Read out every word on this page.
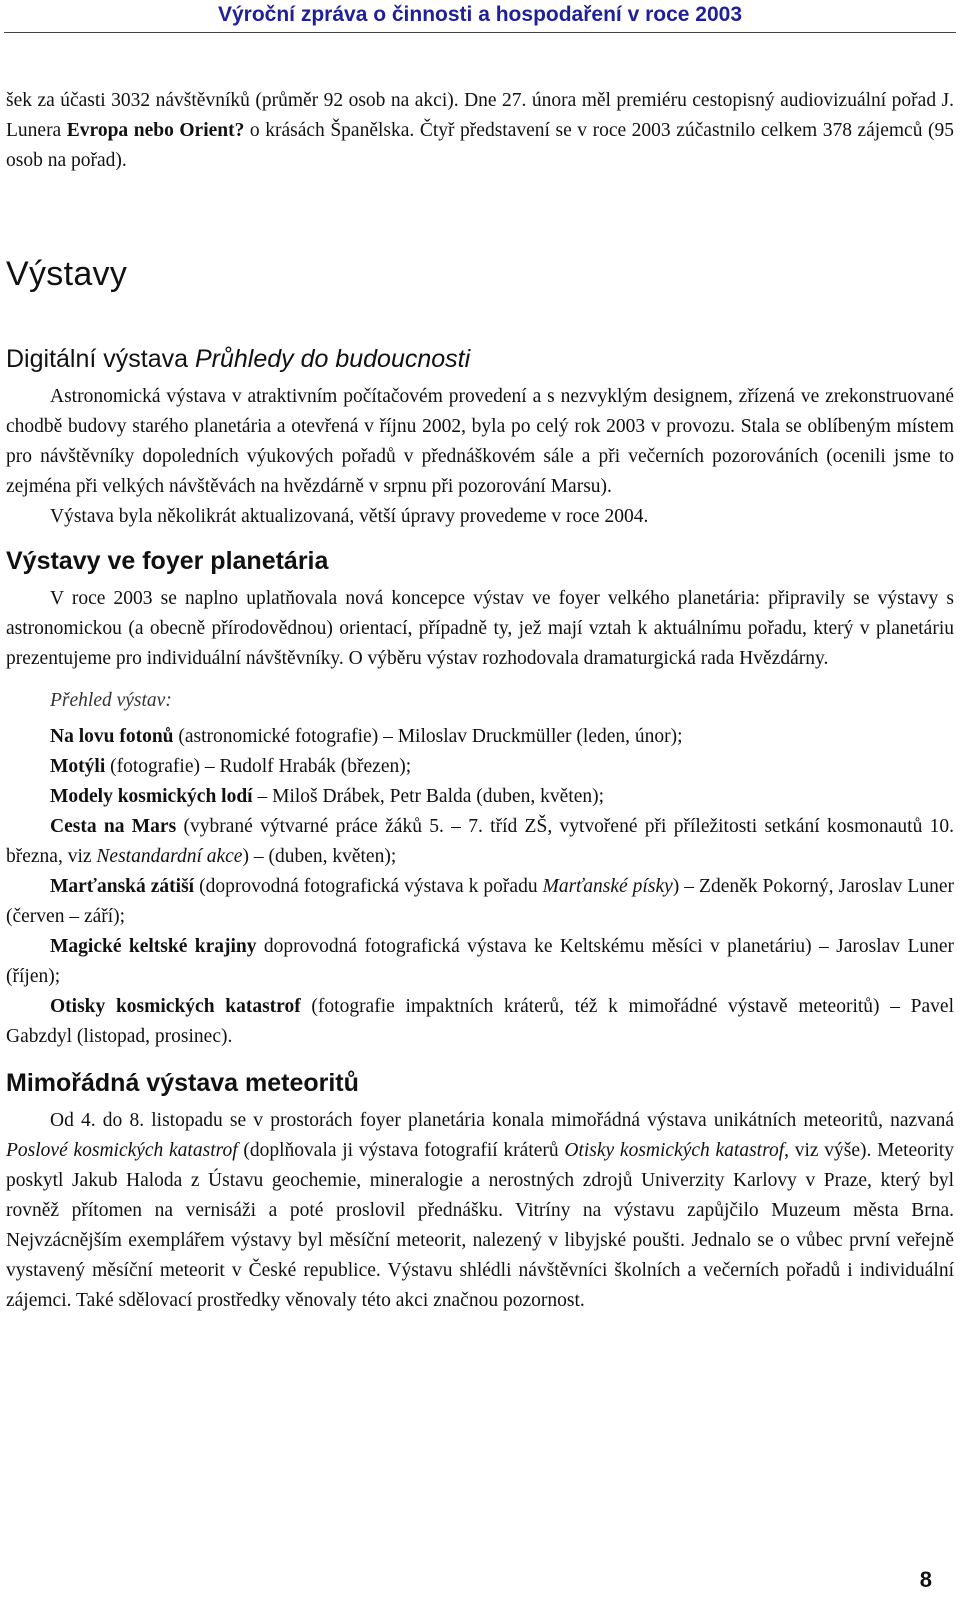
Výroční zpráva o činnosti a hospodaření v roce 2003

šek za účasti 3032 návštěvníků (průměr 92 osob na akci). Dne 27. února měl premiéru cestopisný audiovizuální pořad J. Lunera Evropa nebo Orient? o krásách Španělska. Čtyř představení se v roce 2003 zúčastnilo celkem 378 zájemců (95 osob na pořad).

Výstavy
Digitální výstava Průhledy do budoucnosti

Astronomická výstava v atraktivním počítačovém provedení a s nezvyklým designem, zřízená ve zrekonstruované chodbě budovy starého planetária a otevřená v říjnu 2002, byla po celý rok 2003 v provozu. Stala se oblíbeným místem pro návštěvníky dopoledních výukových pořadů v přednáškovém sále a při večerních pozorováních (ocenili jsme to zejména při velkých návštěvách na hvězdárně v srpnu při pozorování Marsu).

Výstava byla několikrát aktualizovaná, větší úpravy provedeme v roce 2004.

Výstavy ve foyer planetária

V roce 2003 se naplno uplatňovala nová koncepce výstav ve foyer velkého planetária: připravily se výstavy s astronomickou (a obecně přírodovědnou) orientací, případně ty, jež mají vztah k aktuálnímu pořadu, který v planetáriu prezentujeme pro individuální návštěvníky. O výběru výstav rozhodovala dramaturgická rada Hvězdárny.

Přehled výstav:

Na lovu fotonů (astronomické fotografie) – Miloslav Druckmüller (leden, únor);

Motýli (fotografie) – Rudolf Hrabák (březen);

Modely kosmických lodí – Miloš Drábek, Petr Balda (duben, květen);

Cesta na Mars (vybrané výtvarné práce žáků 5. – 7. tříd ZŠ, vytvořené při příležitosti setkání kosmonautů 10. března, viz Nestandardní akce) – (duben, květen);

Marťanská zátiší (doprovodná fotografická výstava k pořadu Marťanské písky) – Zdeněk Pokorný, Jaroslav Luner (červen – září);

Magické keltské krajiny doprovodná fotografická výstava ke Keltskému měsíci v planetáriu) – Jaroslav Luner (říjen);

Otisky kosmických katastrof (fotografie impaktních kráterů, též k mimořádné výstavě meteoritů) – Pavel Gabzdyl (listopad, prosinec).

Mimořádná výstava meteoritů

Od 4. do 8. listopadu se v prostorách foyer planetária konala mimořádná výstava unikátních meteoritů, nazvaná Poslové kosmických katastrof (doplňovala ji výstava fotografií kráterů Otisky kosmických katastrof, viz výše). Meteority poskytl Jakub Haloda z Ústavu geochemie, mineralogie a nerostných zdrojů Univerzity Karlovy v Praze, který byl rovněž přítomen na vernisáži a poté proslovil přednášku. Vitríny na výstavu zapůjčilo Muzeum města Brna. Nejvzácnějším exemplářem výstavy byl měsíční meteorit, nalezený v libyjské poušti. Jednalo se o vůbec první veřejně vystavený měsíční meteorit v České republice. Výstavu shlédli návštěvníci školních a večerních pořadů i individuální zájemci. Také sdělovací prostředky věnovaly této akci značnou pozornost.

8
